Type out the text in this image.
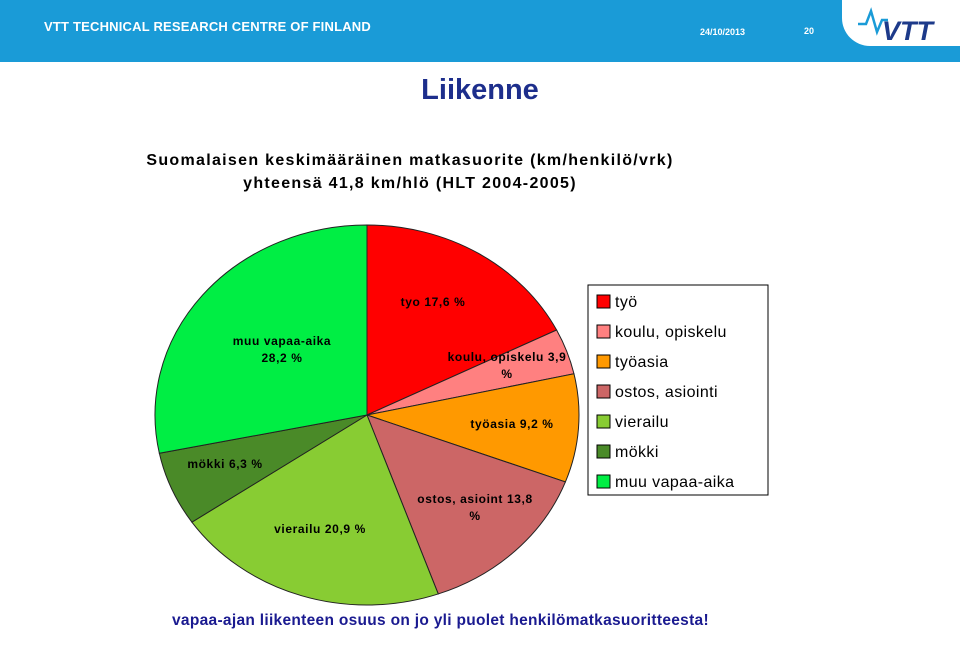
VTT TECHNICAL RESEARCH CENTRE OF FINLAND	24/10/2013	20	VTT
Liikenne
Suomalaisen keskimääräinen matkasuorite (km/henkilö/vrk)
yhteensä 41,8 km/hlö (HLT 2004-2005)
tyo 17,6 %
koulu, opiskelu 3,9 %
työasia 9,2 %
ostos, asioint 13,8 %
vierailu 20,9 %
mökki 6,3 %
muu vapaa-aika 28,2 %
työ
koulu, opiskelu
työasia
ostos, asiointi
vierailu
mökki
muu vapaa-aika
vapaa-ajan liikenteen osuus on jo yli puolet henkilömatkasuoritteesta!
